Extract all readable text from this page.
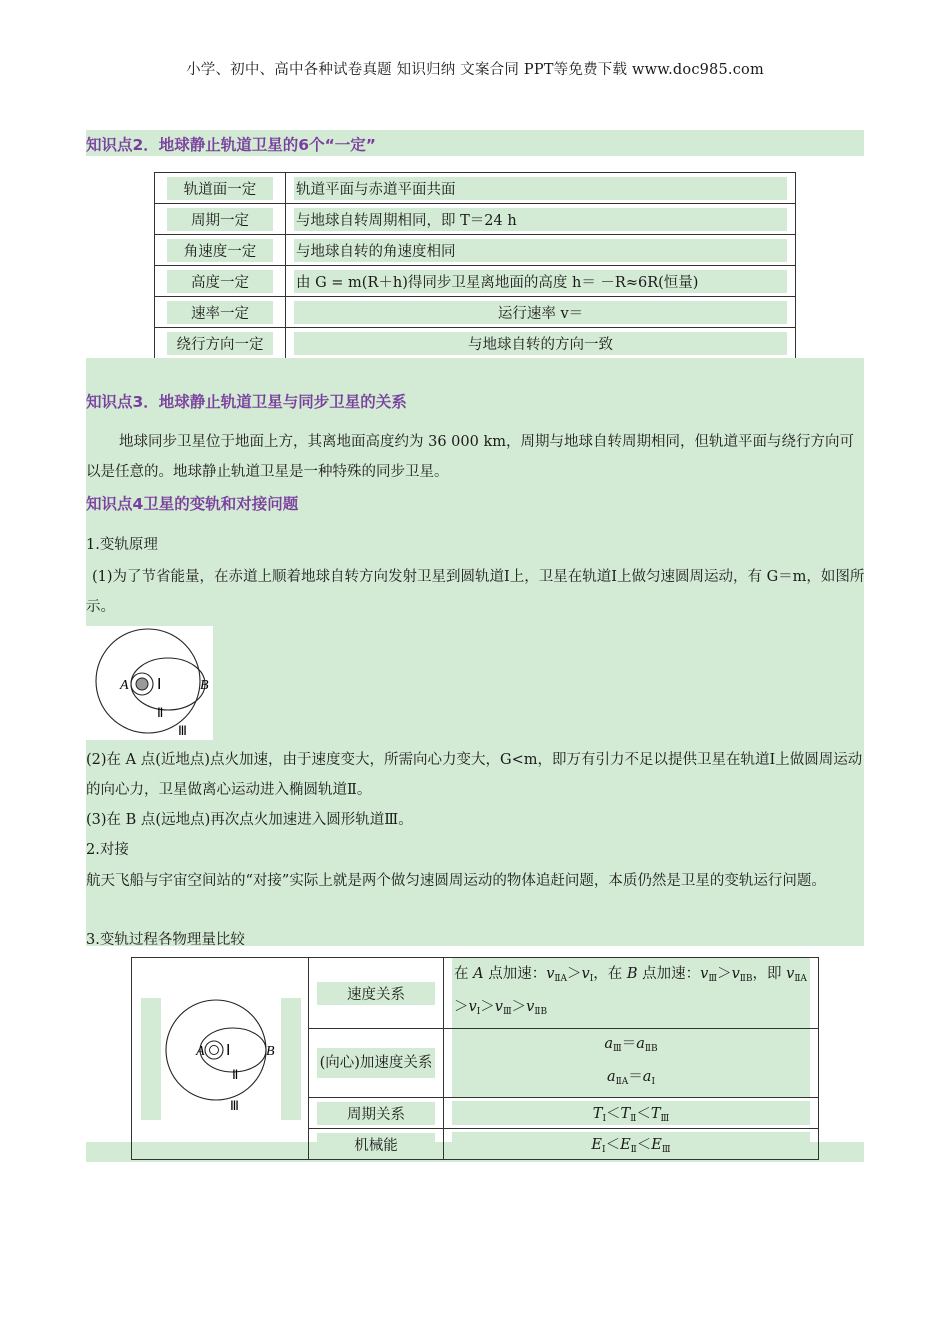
小学、初中、高中各种试卷真题 知识归纳 文案合同 PPT等免费下载 www.doc985.com
知识点2．地球静止轨道卫星的6个“一定”
轨道面一定	轨道平面与赤道平面共面

周期一定	与地球自转周期相同，即 T＝24 h

角速度一定	与地球自转的角速度相同

高度一定	由 G = m(R＋h)得同步卫星离地面的高度 h＝ －R≈6R(恒量)

速率一定	运行速率 v＝

绕行方向一定	与地球自转的方向一致
知识点3．地球静止轨道卫星与同步卫星的关系
地球同步卫星位于地面上方，其离地面高度约为 36 000 km，周期与地球自转周期相同，但轨道平面与绕行方向可以是任意的。地球静止轨道卫星是一种特殊的同步卫星。
知识点4卫星的变轨和对接问题
1.变轨原理
(1)为了节省能量，在赤道上顺着地球自转方向发射卫星到圆轨道Ⅰ上，卫星在轨道Ⅰ上做匀速圆周运动，有 G＝m，如图所示。
A	B
Ⅰ
Ⅱ
Ⅲ
(2)在 A 点(近地点)点火加速，由于速度变大，所需向心力变大，G<m，即万有引力不足以提供卫星在轨道Ⅰ上做圆周运动的向心力，卫星做离心运动进入椭圆轨道Ⅱ。
(3)在 B 点(远地点)再次点火加速进入圆形轨道Ⅲ。
2.对接
航天飞船与宇宙空间站的“对接”实际上就是两个做匀速圆周运动的物体追赶问题，本质仍然是卫星的变轨运行问题。
3.变轨过程各物理量比较
A B
Ⅰ
Ⅱ
Ⅲ	速度关系	在 A 点加速：$v_{ⅡA}>v_Ⅰ$，在 B 点加速：$v_Ⅲ>v_{ⅡB}$，即 $v_{ⅡA}>v_Ⅰ>v_Ⅲ>v_{ⅡB}$

	(向心)加速度关系	$a_Ⅲ=a_{ⅡB}$
$a_{ⅡA}=a_Ⅰ$

	周期关系	$T_Ⅰ<T_Ⅱ<T_Ⅲ$

	机械能	$E_Ⅰ<E_Ⅱ<E_Ⅲ$
